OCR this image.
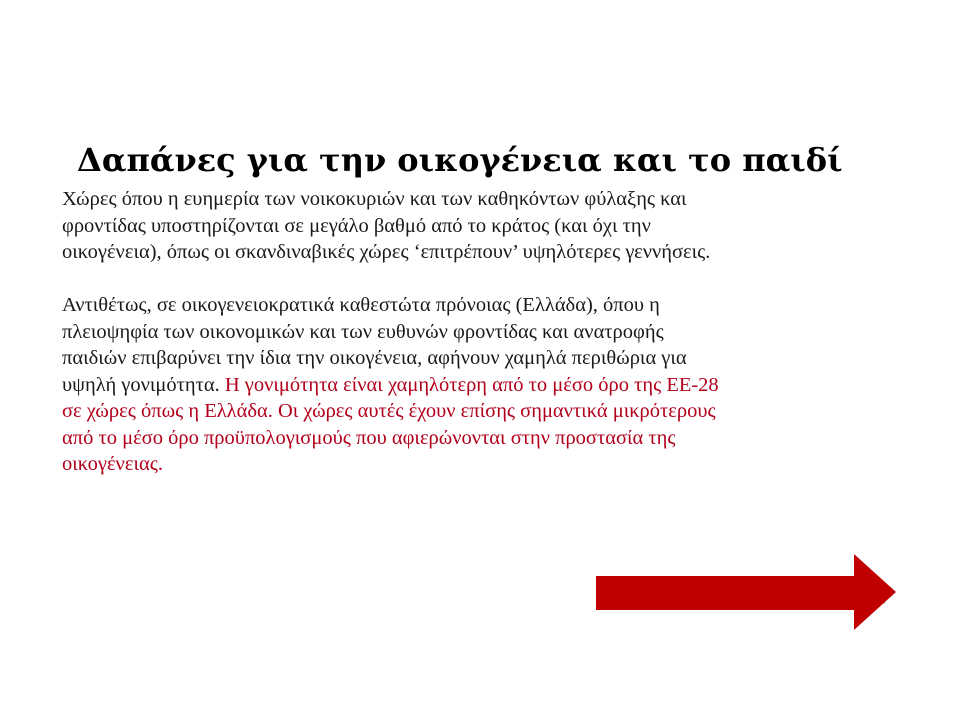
Δαπάνες για την οικογένεια και το παιδί

Χώρες όπου η ευημερία των νοικοκυριών και των καθηκόντων φύλαξης και
φροντίδας υποστηρίζονται σε μεγάλο βαθμό από το κράτος (και όχι την
οικογένεια), όπως οι σκανδιναβικές χώρες ‘επιτρέπουν’ υψηλότερες γεννήσεις.

Αντιθέτως, σε οικογενειοκρατικά καθεστώτα πρόνοιας (Ελλάδα), όπου η
πλειοψηφία των οικονομικών και των ευθυνών φροντίδας και ανατροφής
παιδιών επιβαρύνει την ίδια την οικογένεια, αφήνουν χαμηλά περιθώρια για
υψηλή γονιμότητα. Η γονιμότητα είναι χαμηλότερη από το μέσο όρο της ΕΕ-28
σε χώρες όπως η Ελλάδα. Οι χώρες αυτές έχουν επίσης σημαντικά μικρότερους
από το μέσο όρο προϋπολογισμούς που αφιερώνονται στην προστασία της
οικογένειας.
